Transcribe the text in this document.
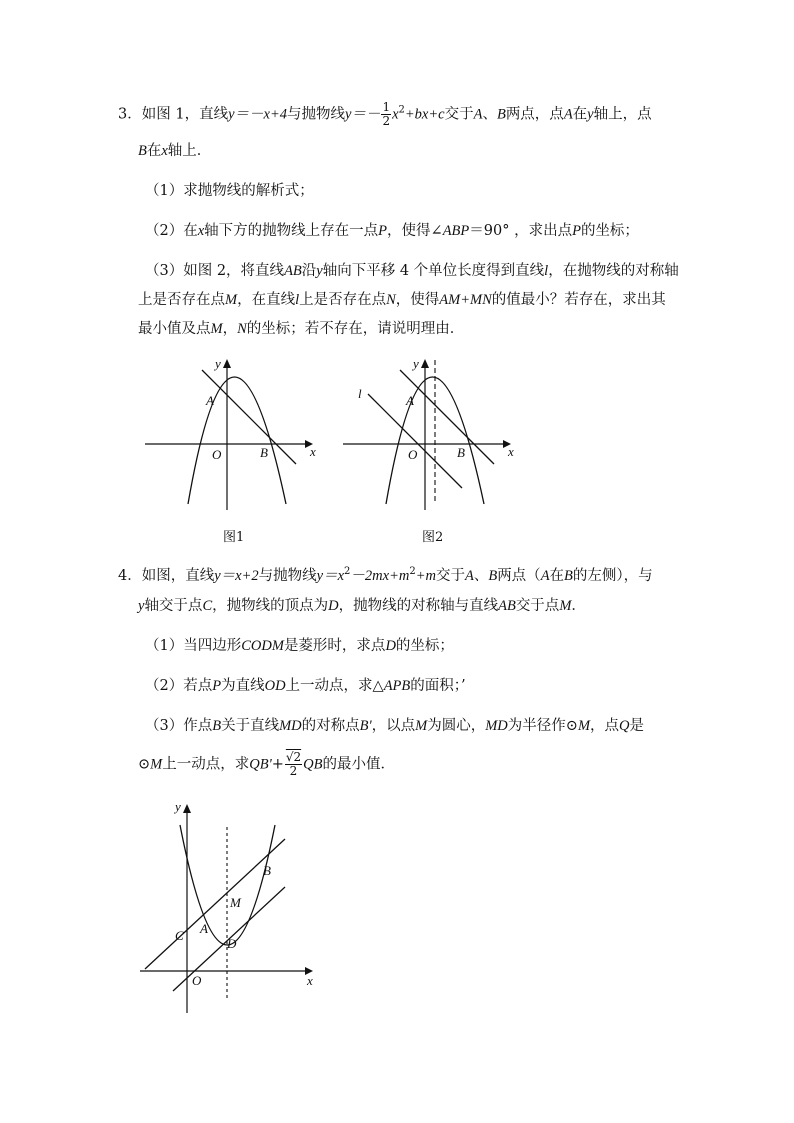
3．如图 1，直线y＝－x+4与抛物线$y=- \frac{1}{2} x^2+bx+c$交于A、B两点，点A在y轴上，点
B在x轴上．
（1）求抛物线的解析式；
（2）在x轴下方的抛物线上存在一点P，使得∠ABP＝90° ，求出点P的坐标；
（3）如图 2，将直线AB沿y轴向下平移 4 个单位长度得到直线l，在抛物线的对称轴
上是否存在点M，在直线l上是否存在点N，使得AM+MN的值最小？若存在，求出其
最小值及点M，N的坐标；若不存在，请说明理由．
y
x
A
O	B
图1
y
x
l	A
O	B
图2
4．如图，直线y＝x+2与抛物线$y=x^2-2mx+m^2+m$交于A、B两点（A在B的左侧），与
y轴交于点C，抛物线的顶点为D，抛物线的对称轴与直线AB交于点M．
（1）当四边形CODM是菱形时，求点D的坐标；
（2）若点P为直线OD上一动点，求△APB的面积；’
（3）作点B关于直线MD的对称点B'，以点M为圆心，MD为半径作⊙M，点Q是
⊙M上一动点，求$QB'+ \frac{√2}{2}$ QB的最小值．
y
x
B
M
C A
D
O
